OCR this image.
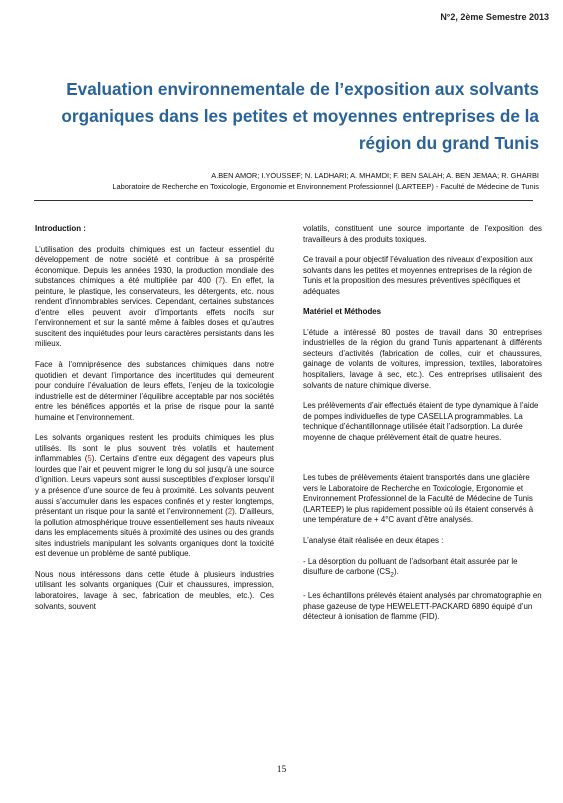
N°2, 2ème Semestre 2013
Evaluation environnementale de l’exposition aux solvants organiques dans les petites et moyennes entreprises de la région du grand Tunis
A.BEN AMOR; I.YOUSSEF; N. LADHARI; A. MHAMDI; F. BEN SALAH; A. BEN JEMAA; R. GHARBI
Laboratoire de Recherche en Toxicologie, Ergonomie et Environnement Professionnel (LARTEEP) - Faculté de Médecine de Tunis
Introduction :

L’utilisation des produits chimiques est un facteur essentiel du développement de notre société et contribue à sa prospérité économique. Depuis les années 1930, la production mondiale des substances chimiques a été multipliée par 400 (7). En effet, la peinture, le plastique, les conservateurs, les détergents, etc. nous rendent d’innombrables services. Cependant, certaines substances d’entre elles peuvent avoir d’importants effets nocifs sur l’environnement et sur la santé même à faibles doses et qu’autres suscitent des inquiétudes pour leurs caractères persistants dans les milieux.

Face à l’omniprésence des substances chimiques dans notre quotidien et devant l’importance des incertitudes qui demeurent pour conduire l’évaluation de leurs effets, l’enjeu de la toxicologie industrielle est de déterminer l’équilibre acceptable par nos sociétés entre les bénéfices apportés et la prise de risque pour la santé humaine et l’environnement.

Les solvants organiques restent les produits chimiques les plus utilisés. Ils sont le plus souvent très volatils et hautement inflammables (5). Certains d’entre eux dégagent des vapeurs plus lourdes que l’air et peuvent migrer le long du sol jusqu’à une source d’ignition. Leurs vapeurs sont aussi susceptibles d’exploser lorsqu’il y a présence d’une source de feu à proximité. Les solvants peuvent aussi s’accumuler dans les espaces confinés et y rester longtemps, présentant un risque pour la santé et l’environnement (2). D’ailleurs, la pollution atmosphérique trouve essentiellement ses hauts niveaux dans les emplacements situés à proximité des usines ou des grands sites industriels manipulant les solvants organiques dont la toxicité est devenue un problème de santé publique.

Nous nous intéressons dans cette étude à plusieurs industries utilisant les solvants organiques (Cuir et chaussures, impression, laboratoires, lavage à sec, fabrication de meubles, etc.). Ces solvants, souvent

volatils, constituent une source importante de l’exposition des travailleurs à des produits toxiques.

Ce travail a pour objectif l’évaluation des niveaux d’exposition aux solvants dans les petites et moyennes entreprises de la région de Tunis et la proposition des mesures préventives spécifiques et adéquates

Matériel et Méthodes

L’étude a intéressé 80 postes de travail dans 30 entreprises industrielles de la région du grand Tunis appartenant à différents secteurs d’activités (fabrication de colles, cuir et chaussures, gainage de volants de voitures, impression, textiles, laboratoires hospitaliers, lavage à sec, etc.). Ces entreprises utilisaient des solvants de nature chimique diverse.

Les prélèvements d’air effectués étaient de type dynamique à l’aide de pompes individuelles de type CASELLA programmables. La technique d’échantillonnage utilisée était l’adsorption. La durée moyenne de chaque prélèvement était de quatre heures.

Les tubes de prélèvements étaient transportés dans une glacière vers le Laboratoire de Recherche en Toxicologie, Ergonomie et Environnement Professionnel de la Faculté de Médecine de Tunis (LARTEEP) le plus rapidement possible où ils étaient conservés à une température de + 4°C avant d’être analysés.

L’analyse était réalisée en deux étapes :

- La désorption du polluant de l’adsorbant était assurée par le disulfure de carbone $(CS_2)$.

- Les échantillons prélevés étaient analysés par chromatographie en phase gazeuse de type HEWELETT-PACKARD 6890 équipé d’un détecteur à ionisation de flamme (FID).

15
